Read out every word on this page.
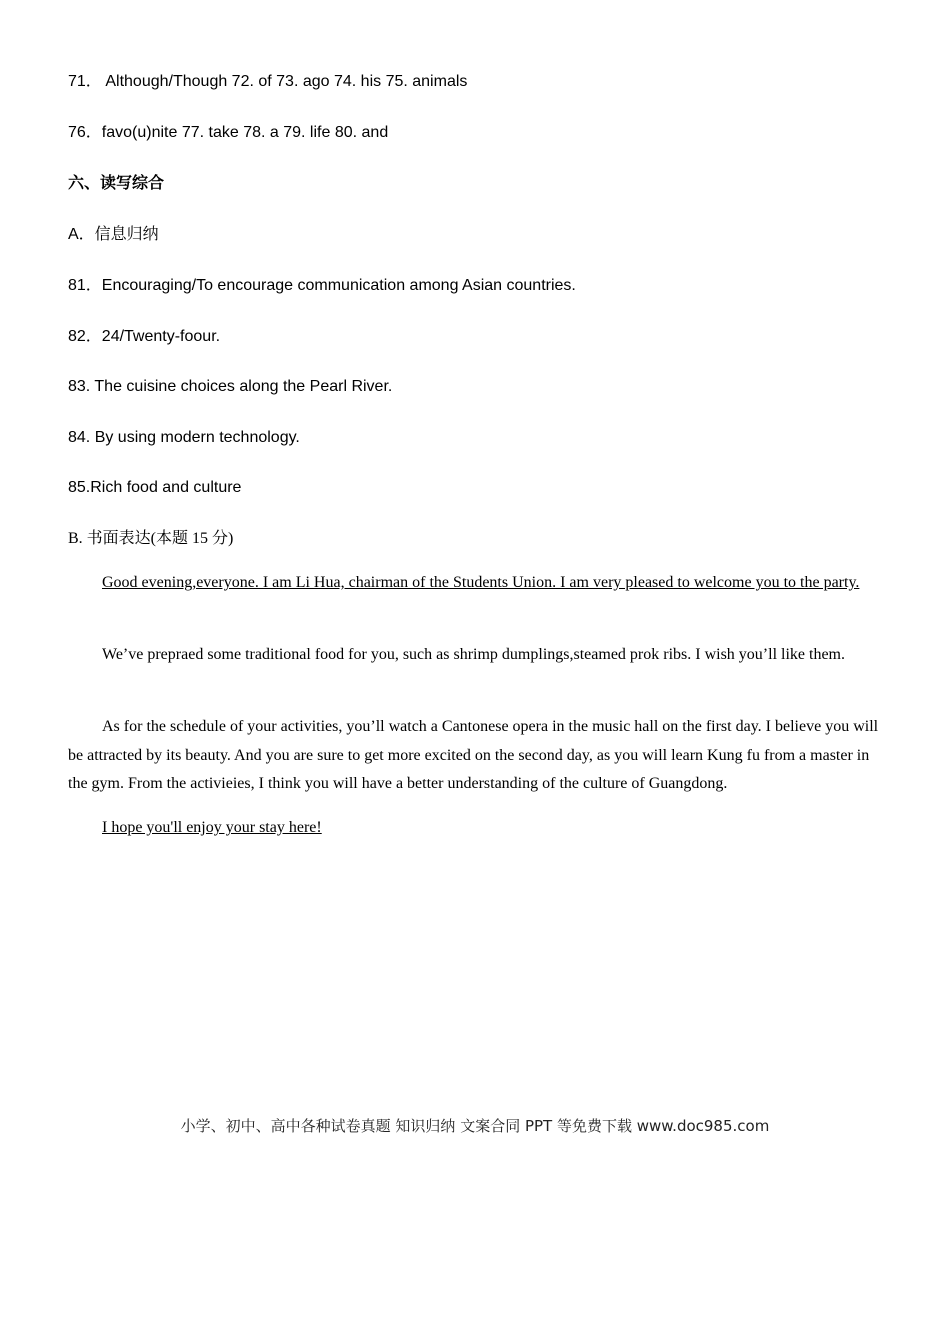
71． Although/Though 72. of 73. ago 74. his 75. animals
76．favo(u)nite 77. take 78. a 79. life 80. and
六、读写综合
A．信息归纳
81．Encouraging/To encourage communication among Asian countries.
82．24/Twenty-foour.
83. The cuisine choices along the Pearl River.
84. By using modern technology.
85.Rich food and culture
B. 书面表达(本题 15 分)
Good evening,everyone. I am Li Hua, chairman of the Students Union. I am very pleased to welcome you to the party.
We’ve prepraed some traditional food for you, such as shrimp dumplings,steamed prok ribs. I wish you’ll like them.
As for the schedule of your activities, you’ll watch a Cantonese opera in the music hall on the first day. I believe you will be attracted by its beauty. And you are sure to get more excited on the second day, as you will learn Kung fu from a master in the gym. From the activieies, I think you will have a better understanding of the culture of Guangdong.
I hope you'll enjoy your stay here!
小学、初中、高中各种试卷真题 知识归纳 文案合同 PPT 等免费下载 www.doc985.com
